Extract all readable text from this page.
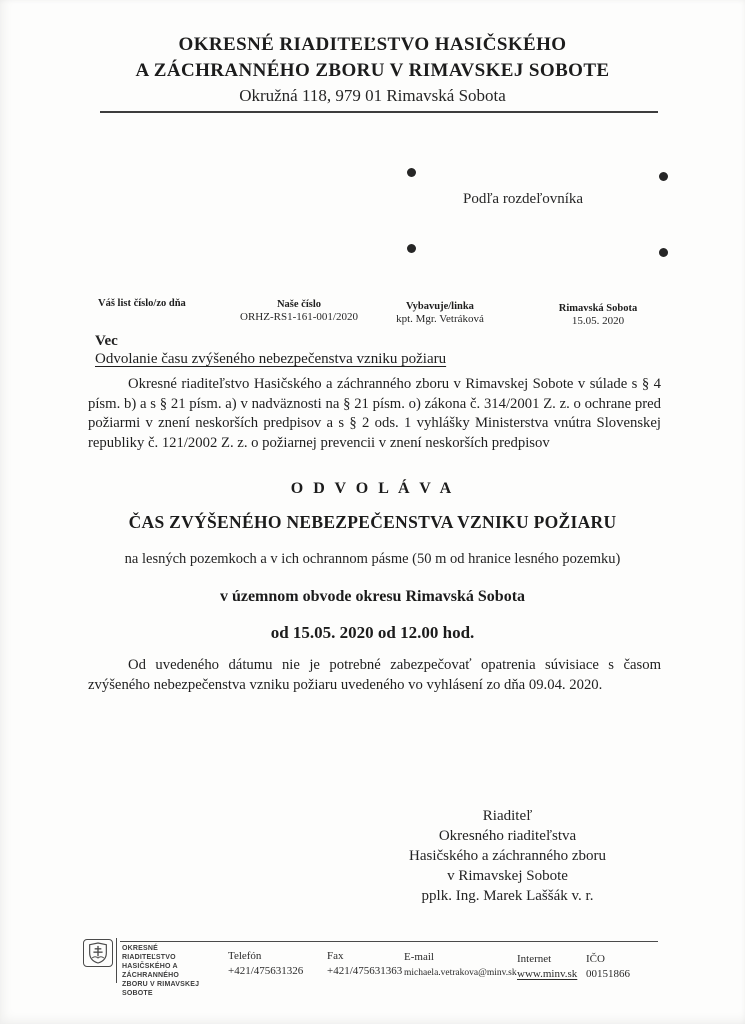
OKRESNÉ RIADITEĽSTVO HASIČSKÉHO
A ZÁCHRANNÉHO ZBORU V RIMAVSKEJ SOBOTE
Okružná 118, 979 01 Rimavská Sobota
Podľa rozdeľovníka
Váš list číslo/zo dňa	Naše číslo
ORHZ-RS1-161-001/2020
Vybavuje/linka
kpt. Mgr. Vetráková
Rimavská Sobota
15.05. 2020
Vec
Odvolanie času zvýšeného nebezpečenstva vzniku požiaru
Okresné riaditeľstvo Hasičského a záchranného zboru v Rimavskej Sobote v súlade s § 4 písm. b) a s § 21 písm. a) v nadväznosti na § 21 písm. o) zákona č. 314/2001 Z. z. o ochrane pred požiarmi v znení neskorších predpisov a s § 2 ods. 1 vyhlášky Ministerstva vnútra Slovenskej republiky č. 121/2002 Z. z. o požiarnej prevencii v znení neskorších predpisov
O D V O L Á V A
ČAS ZVÝŠENÉHO NEBEZPEČENSTVA VZNIKU POŽIARU
na lesných pozemkoch a v ich ochrannom pásme (50 m od hranice lesného pozemku)
v územnom obvode okresu Rimavská Sobota
od 15.05. 2020 od 12.00 hod.
Od uvedeného dátumu nie je potrebné zabezpečovať opatrenia súvisiace s časom zvýšeného nebezpečenstva vzniku požiaru uvedeného vo vyhlásení zo dňa 09.04. 2020.
Riaditeľ
Okresného riaditeľstva
Hasičského a záchranného zboru
v Rimavskej Sobote
pplk. Ing. Marek Laššák v. r.
OKRESNÉ
RIADITEĽSTVO
HASIČSKÉHO A ZÁCHRANNÉHO
ZBORU V RIMAVSKEJ SOBOTE
Telefón
+421/475631326
Fax
+421/475631363
E-mail
michaela.vetrakova@minv.sk
Internet
www.minv.sk
IČO
00151866
